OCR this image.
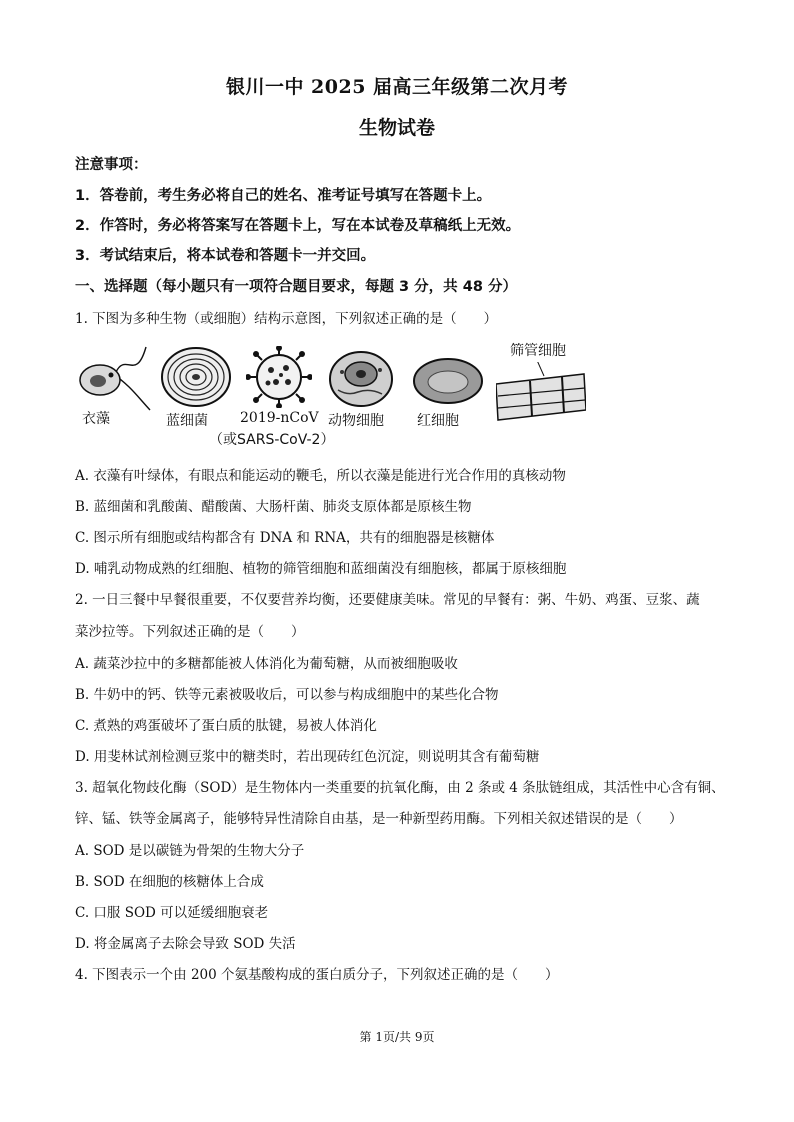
银川一中 2025 届高三年级第二次月考
生物试卷
注意事项：
1．答卷前，考生务必将自己的姓名、准考证号填写在答题卡上。
2．作答时，务必将答案写在答题卡上，写在本试卷及草稿纸上无效。
3．考试结束后，将本试卷和答题卡一并交回。
一、选择题（每小题只有一项符合题目要求，每题 3 分，共 48 分）
1. 下图为多种生物（或细胞）结构示意图，下列叙述正确的是（　　）
衣藻	蓝细菌 2019-nCoV
（或SARS-CoV-2）
动物细胞 红细胞
筛管细胞
A. 衣藻有叶绿体，有眼点和能运动的鞭毛，所以衣藻是能进行光合作用的真核动物
B. 蓝细菌和乳酸菌、醋酸菌、大肠杆菌、肺炎支原体都是原核生物
C. 图示所有细胞或结构都含有 DNA 和 RNA，共有的细胞器是核糖体
D. 哺乳动物成熟的红细胞、植物的筛管细胞和蓝细菌没有细胞核，都属于原核细胞
2. 一日三餐中早餐很重要，不仅要营养均衡，还要健康美味。常见的早餐有：粥、牛奶、鸡蛋、豆浆、蔬
菜沙拉等。下列叙述正确的是（　　）
A. 蔬菜沙拉中的多糖都能被人体消化为葡萄糖，从而被细胞吸收
B. 牛奶中的钙、铁等元素被吸收后，可以参与构成细胞中的某些化合物
C. 煮熟的鸡蛋破坏了蛋白质的肽键，易被人体消化
D. 用斐林试剂检测豆浆中的糖类时，若出现砖红色沉淀，则说明其含有葡萄糖
3. 超氧化物歧化酶（SOD）是生物体内一类重要的抗氧化酶，由 2 条或 4 条肽链组成，其活性中心含有铜、
锌、锰、铁等金属离子，能够特异性清除自由基，是一种新型药用酶。下列相关叙述错误的是（　　）
A. SOD 是以碳链为骨架的生物大分子
B. SOD 在细胞的核糖体上合成
C. 口服 SOD 可以延缓细胞衰老
D. 将金属离子去除会导致 SOD 失活
4. 下图表示一个由 200 个氨基酸构成的蛋白质分子，下列叙述正确的是（　　）
第 1页/共 9页
